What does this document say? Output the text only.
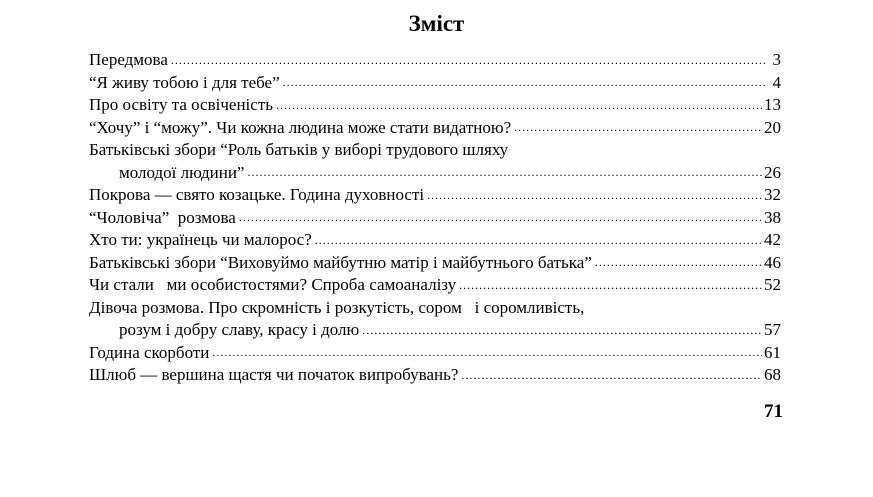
Зміст
Передмова .....	3
“Я живу тобою і для тебе” .....	4
Про освіту та освіченість .....	13
“Хочу” і “можу”. Чи кожна людина може стати видатною? .....	20
Батьківські збори “Роль батьків у виборі трудового шляху
молодої людини” .....	26
Покрова — свято козацьке. Година духовності .....	32
“Чоловіча”  розмова .....	38
Хто ти: українець чи малорос? .....	42
Батьківські збори “Виховуймо майбутню матір і майбутнього батька” .....	46
Чи стали   ми особистостями? Спроба самоаналізу .....	52
Дівоча розмова. Про скромність і розкутість, сором   і соромливість,
розум і добру славу, красу і долю .....	57
Година скорботи .....	61
Шлюб — вершина щастя чи початок випробувань? .....	68
71
